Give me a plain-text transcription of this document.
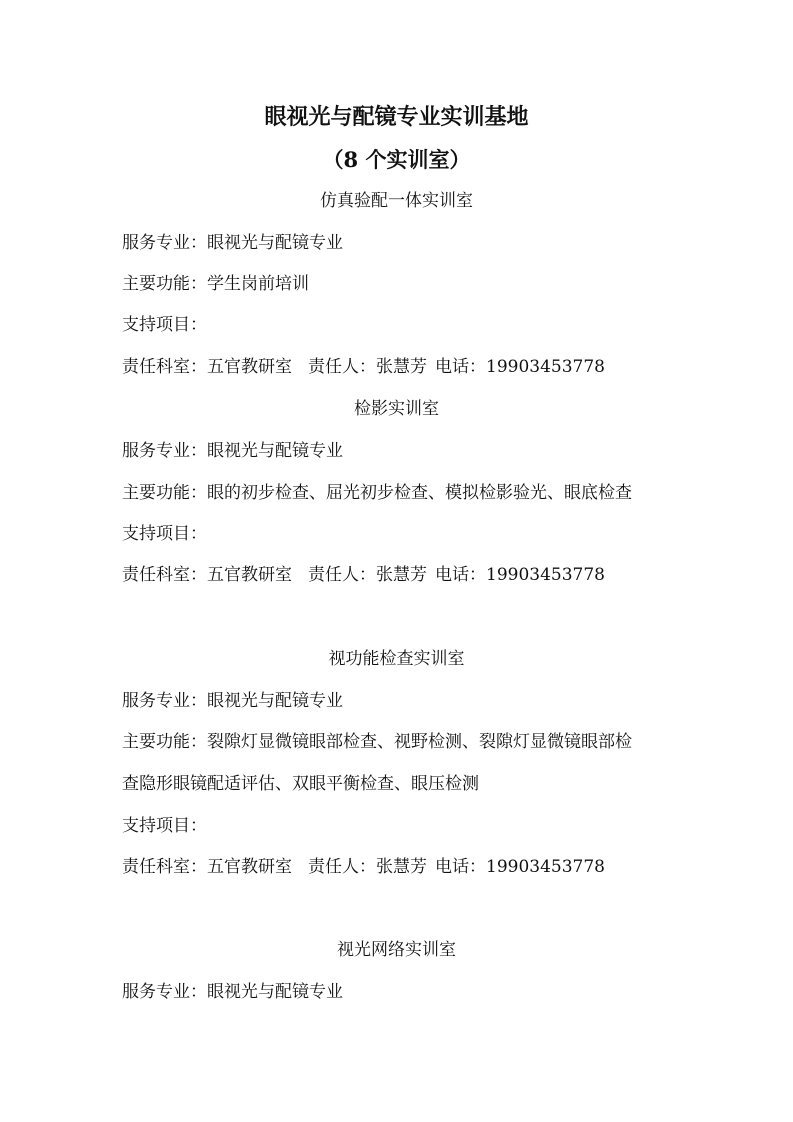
眼视光与配镜专业实训基地
（8 个实训室）
仿真验配一体实训室
服务专业：眼视光与配镜专业
主要功能：学生岗前培训
支持项目：
责任科室：五官教研室 责任人：张慧芳 电话：19903453778
检影实训室
服务专业：眼视光与配镜专业
主要功能：眼的初步检查、屈光初步检查、模拟检影验光、眼底检查
支持项目：
责任科室：五官教研室 责任人：张慧芳 电话：19903453778
视功能检查实训室
服务专业：眼视光与配镜专业
主要功能：裂隙灯显微镜眼部检查、视野检测、裂隙灯显微镜眼部检
查隐形眼镜配适评估、双眼平衡检查、眼压检测
支持项目：
责任科室：五官教研室 责任人：张慧芳 电话：19903453778
视光网络实训室
服务专业：眼视光与配镜专业
